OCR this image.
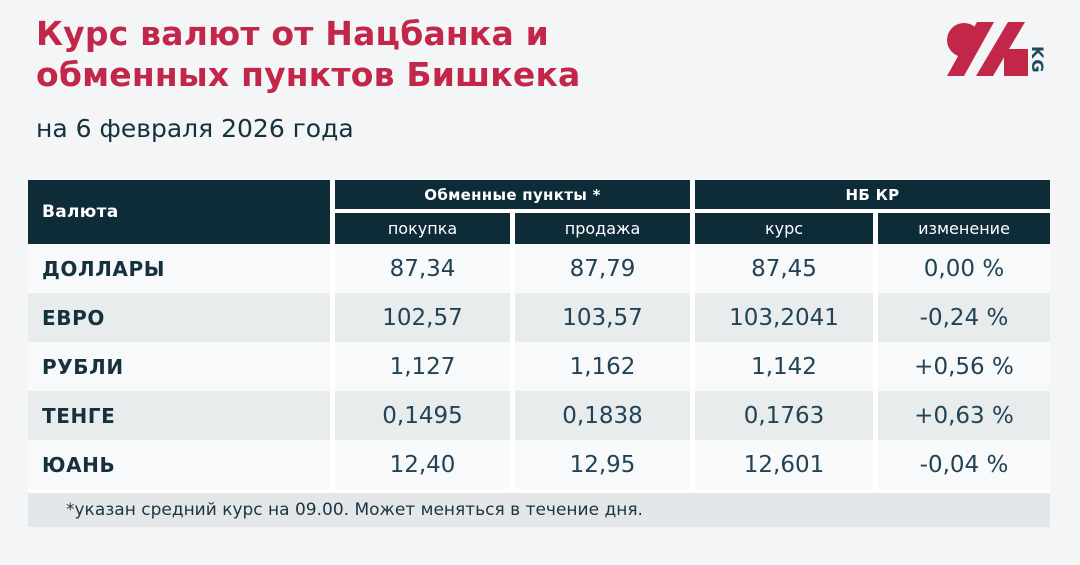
Курс валют от Нацбанка и
обменных пунктов Бишкека
на 6 февраля 2026 года
KG
Валюта
Обменные пункты *	НБ КР
покупка	продажа	курс	изменение
ДОЛЛАРЫ	87,34	87,79	87,45	0,00 %
ЕВРО	102,57	103,57	103,2041	-0,24 %
РУБЛИ	1,127	1,162	1,142	+0,56 %
ТЕНГЕ	0,1495	0,1838	0,1763	+0,63 %
ЮАНЬ	12,40	12,95	12,601	-0,04 %
*указан средний курс на 09.00. Может меняться в течение дня.
